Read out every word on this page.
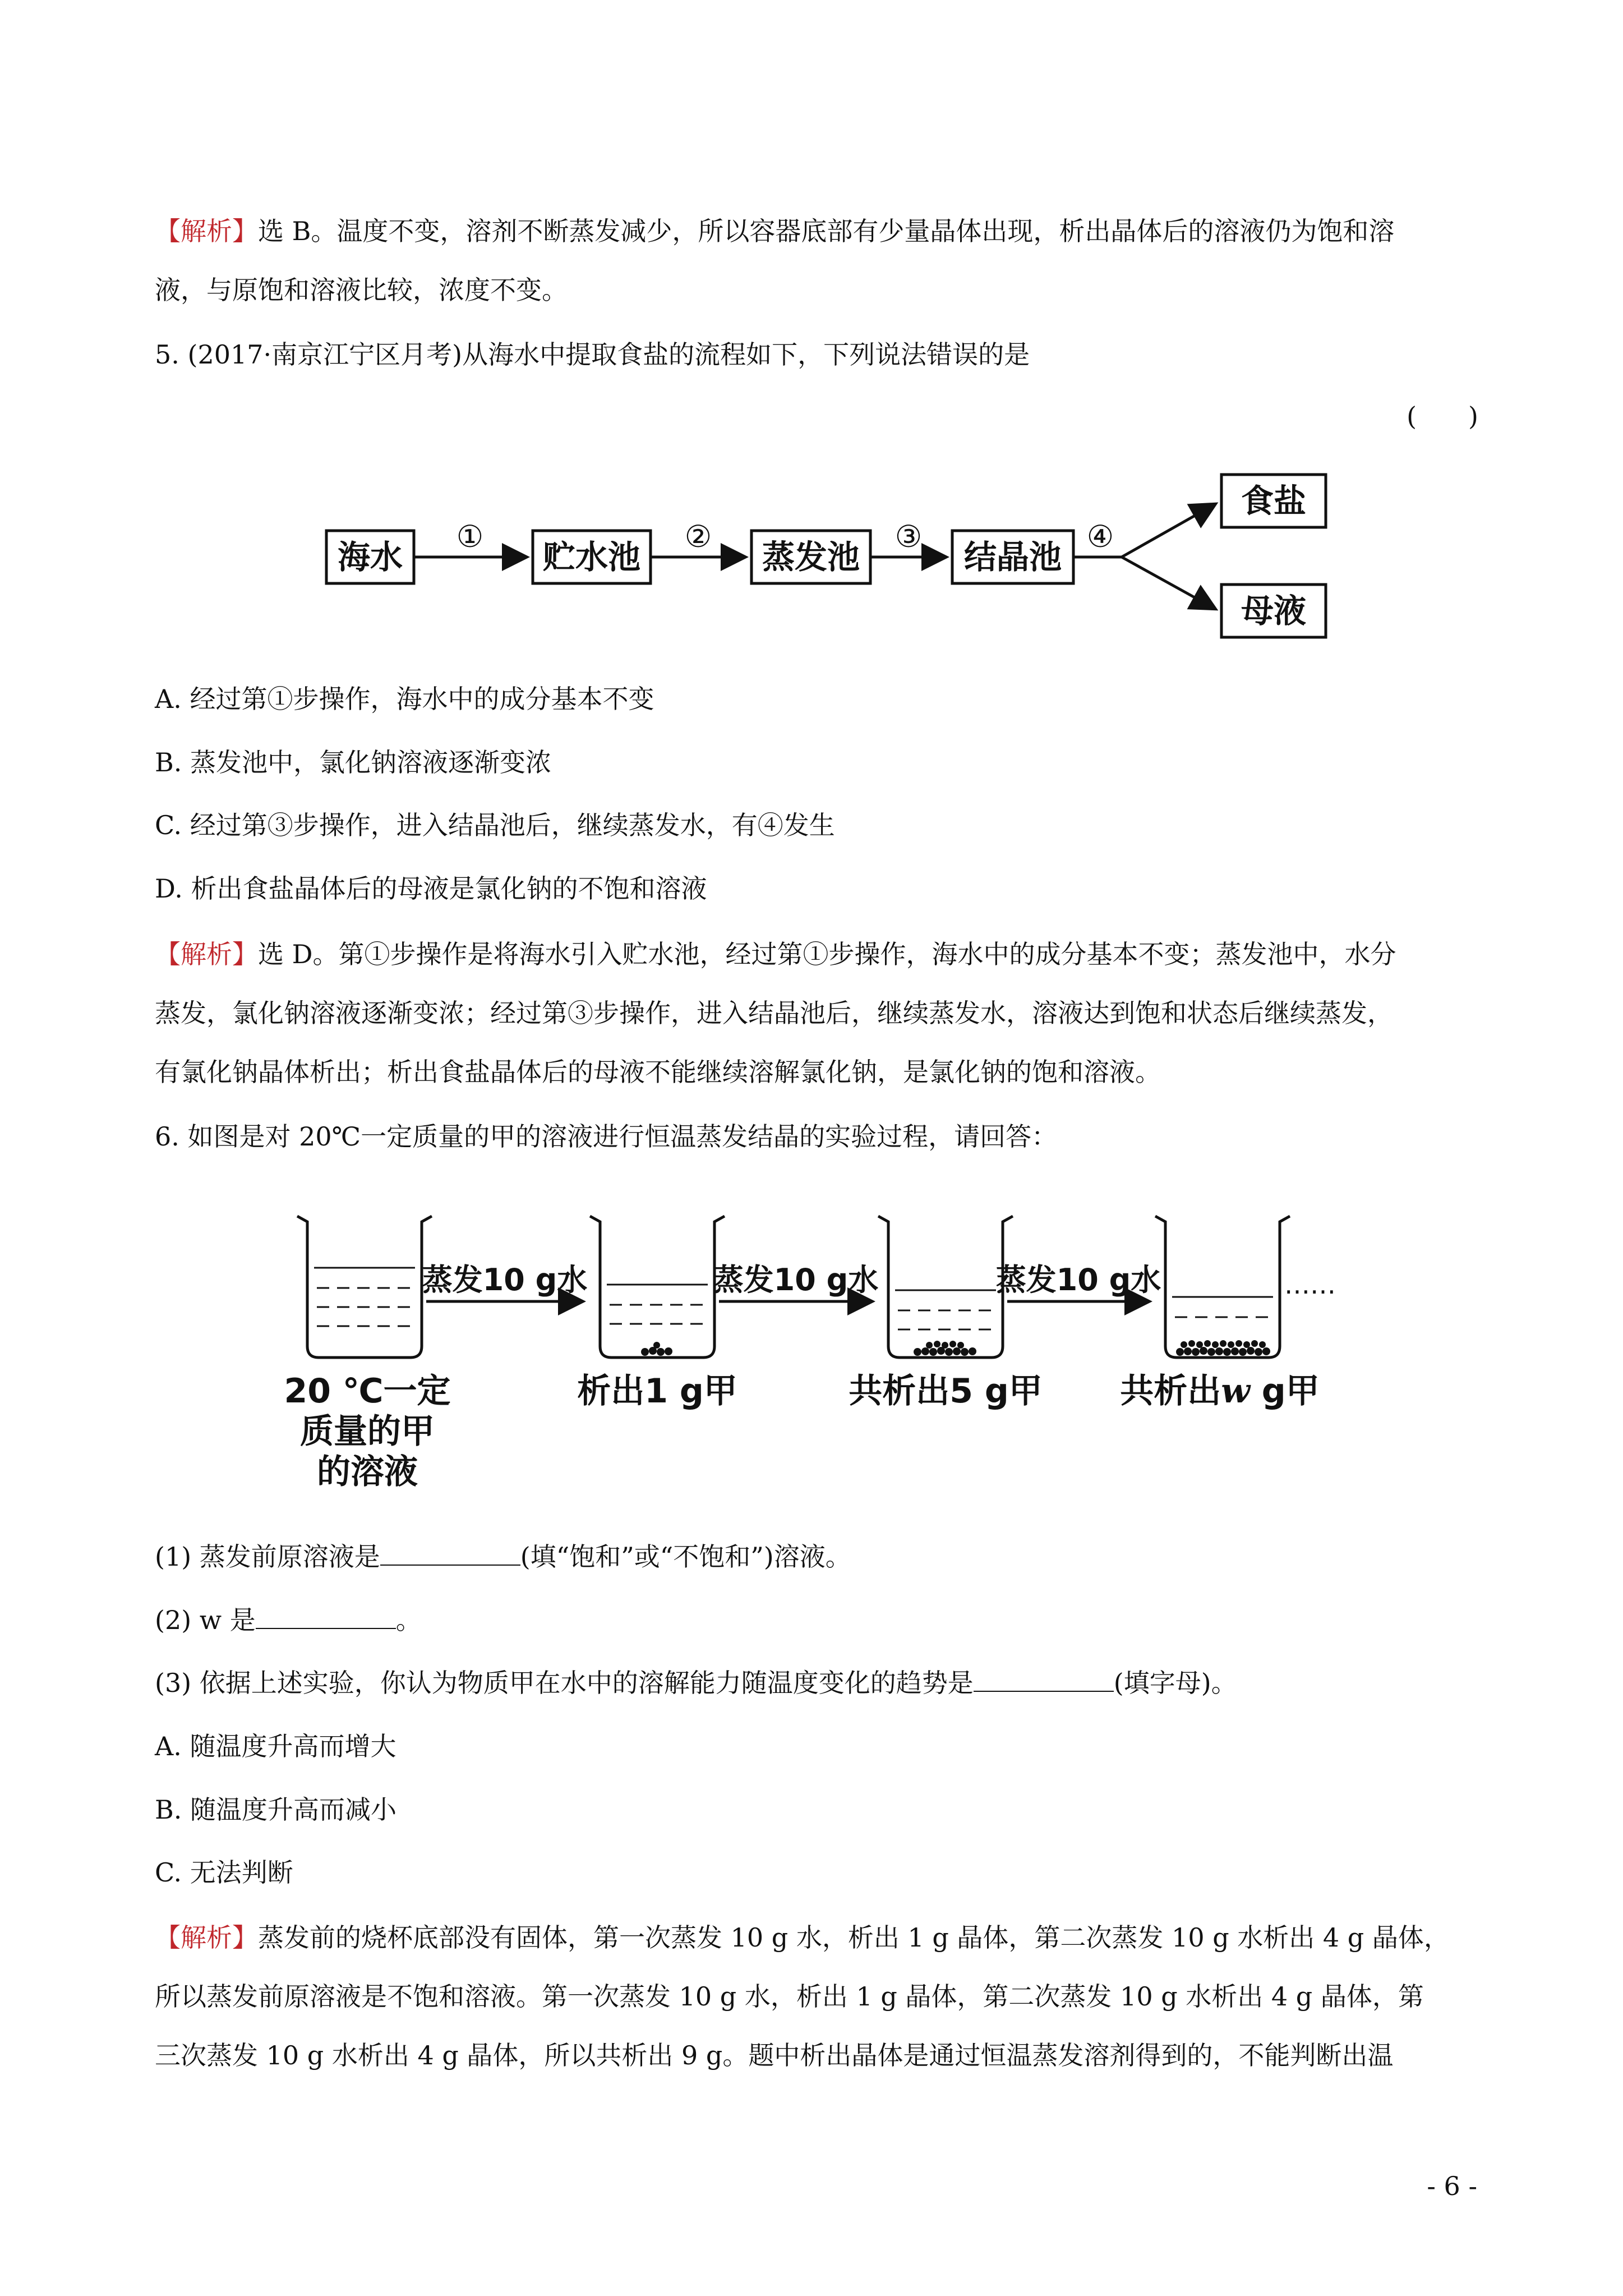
【解析】选 B。温度不变，溶剂不断蒸发减少，所以容器底部有少量晶体出现，析出晶体后的溶液仍为饱和溶
液，与原饱和溶液比较，浓度不变。
5. (2017·南京江宁区月考)从海水中提取食盐的流程如下，下列说法错误的是
(　　)
海水	贮水池	蒸发池	结晶池
食盐
母液
①	②	③	④
A. 经过第①步操作，海水中的成分基本不变
B. 蒸发池中，氯化钠溶液逐渐变浓
C. 经过第③步操作，进入结晶池后，继续蒸发水，有④发生
D. 析出食盐晶体后的母液是氯化钠的不饱和溶液
【解析】选 D。第①步操作是将海水引入贮水池，经过第①步操作，海水中的成分基本不变；蒸发池中，水分
蒸发，氯化钠溶液逐渐变浓；经过第③步操作，进入结晶池后，继续蒸发水，溶液达到饱和状态后继续蒸发，
有氯化钠晶体析出；析出食盐晶体后的母液不能继续溶解氯化钠，是氯化钠的饱和溶液。
6. 如图是对 20℃一定质量的甲的溶液进行恒温蒸发结晶的实验过程，请回答：
蒸发10 g水	蒸发10 g水	蒸发10 g水	……
20 ℃一定
质量的甲
的溶液
析出1 g甲	共析出5 g甲 共析出w g甲
(1) 蒸发前原溶液是	(填“饱和”或“不饱和”)溶液。
(2) w 是	。
(3) 依据上述实验，你认为物质甲在水中的溶解能力随温度变化的趋势是	(填字母)。
A. 随温度升高而增大
B. 随温度升高而减小
C. 无法判断
【解析】蒸发前的烧杯底部没有固体，第一次蒸发 10 g 水，析出 1 g 晶体，第二次蒸发 10 g 水析出 4 g 晶体，
所以蒸发前原溶液是不饱和溶液。第一次蒸发 10 g 水，析出 1 g 晶体，第二次蒸发 10 g 水析出 4 g 晶体，第
三次蒸发 10 g 水析出 4 g 晶体，所以共析出 9 g。题中析出晶体是通过恒温蒸发溶剂得到的，不能判断出温
- 6 -
